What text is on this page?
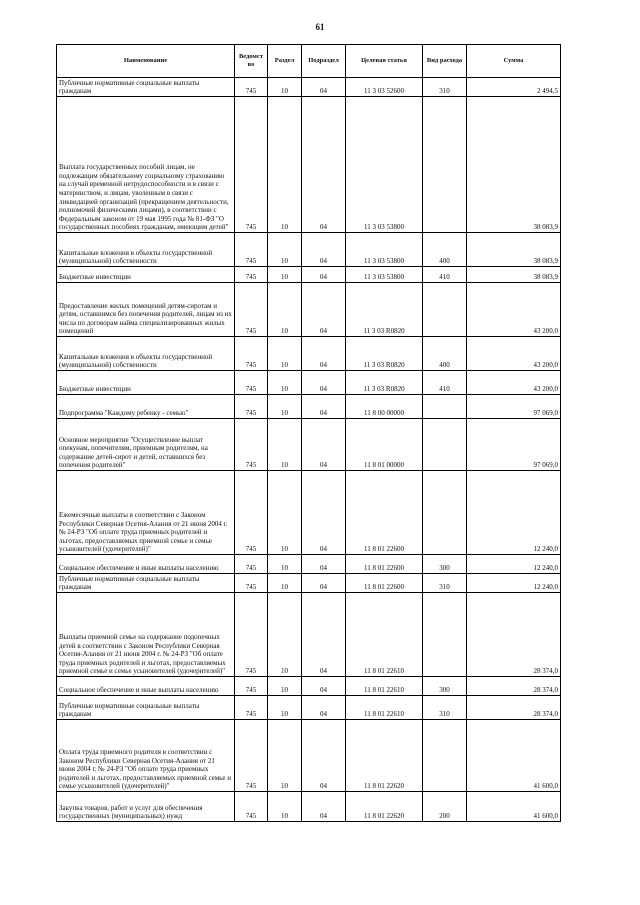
61
Наименование	Ведомст во	Раздел	Подраздел	Целевая статья	Вид расхода	Сумма
Публичные нормативные социальные выплаты гражданам	745	10	04	11 3 03 52600	310	2 494,5
Выплата государственных пособий лицам, не подлежащим обязательному социальному страхованию на случай временной нетрудоспособности и в связи с материнством, и лицам, уволенным в связи с ликвидацией организаций (прекращением деятельности, полномочий физическими лицами), в соответствии с Федеральным законом от 19 мая 1995 года № 81-ФЗ "О государственных пособиях гражданам, имеющим детей"	745	10	04	11 3 03 53800		38 083,9
Капитальные вложения в объекты государственной (муниципальной) собственности	745	10	04	11 3 03 53800	400	38 083,9
Бюджетные инвестиции	745	10	04	11 3 03 53800	410	38 083,9
Предоставление жилых помещений детям-сиротам и детям, оставшимся без попечения родителей, лицам из их числа по договорам найма специализированных жилых помещений	745	10	04	11 3 03 R0820		43 200,0
Капитальные вложения в объекты государственной (муниципальной) собственности	745	10	04	11 3 03 R0820	400	43 200,0
Бюджетные инвестиции	745	10	04	11 3 03 R0820	410	43 200,0
Подпрограмма "Каждому ребенку - семью"	745	10	04	11 8 00 00000		97 069,0
Основное мероприятие "Осуществление выплат опекунам, попечителям, приемным родителям, на содержание детей-сирот и детей, оставшихся без попечения родителей"	745	10	04	11 8 01 00000		97 069,0
Ежемесячные выплаты в соответствии с Законом Республики Северная Осетия-Алания от 21 июня 2004 г. № 24-РЗ "Об оплате труда приемных родителей и льготах, предоставляемых приемной семье и семье усыновителей (удочерителей)"	745	10	04	11 8 01 22600		12 240,0
Социальное обеспечение и иные выплаты населению	745	10	04	11 8 01 22600	300	12 240,0
Публичные нормативные социальные выплаты гражданам	745	10	04	11 8 01 22600	310	12 240,0
Выплаты приемной семье на содержание подопечных детей в соответствии с Законом Республики Северная Осетия-Алания от 21 июня 2004 г. № 24-РЗ "Об оплате труда приемных родителей и льготах, предоставляемых приемной семье и семье усыновителей (удочерителей)"	745	10	04	11 8 01 22610		28 374,0
Социальное обеспечение и иные выплаты населению	745	10	04	11 8 01 22610	300	28 374,0
Публичные нормативные социальные выплаты гражданам	745	10	04	11 8 01 22610	310	28 374,0
Оплата труда приемного родителя в соответствии с Законом Республики Северная Осетия-Алания от 21 июня 2004 г. № 24-РЗ "Об оплате труда приемных родителей и льготах, предоставляемых приемной семье и семье усыновителей (удочерителей)"	745	10	04	11 8 01 22620		41 600,0
Закупка товаров, работ и услуг для обеспечения государственных (муниципальных) нужд	745	10	04	11 8 01 22620	200	41 600,0
